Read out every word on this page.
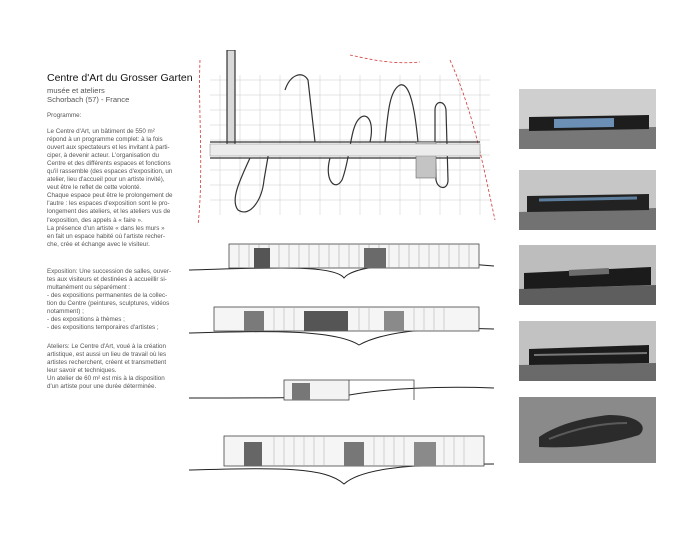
Centre d'Art du Grosser Garten
musée et ateliers
Schorbach (57) - France
Programme:
Le Centre d'Art, un bâtiment de 550 m²
répond à un programme complet: à la fois
ouvert aux spectateurs et les invitant à parti-
ciper, à devenir acteur. L'organisation du
Centre et des différents espaces et fonctions
qu'il rassemble (des espaces d'exposition, un
atelier, lieu d'accueil pour un artiste invité),
veut être le reflet de cette volonté.
Chaque espace peut être le prolongement de
l'autre : les espaces d'exposition sont le pro-
longement des ateliers, et les ateliers vus de
l'exposition, des appels à « faire ».
La présence d'un artiste « dans les murs »
en fait un espace habité où l'artiste recher-
che, crée et échange avec le visiteur.
Exposition: Une succession de salles, ouver-
tes aux visiteurs et destinées à accueillir si-
multanément ou séparément :
- des expositions permanentes de la collec-
tion du Centre (peintures, sculptures, vidéos
notamment) ;
- des expositions à thèmes ;
- des expositions temporaires d'artistes ;
Ateliers: Le Centre d'Art, voué à la création
artistique, est aussi un lieu de travail où les
artistes recherchent, créent et transmettent
leur savoir et techniques.
Un atelier de 60 m² est mis à la disposition
d'un artiste pour une durée déterminée.
